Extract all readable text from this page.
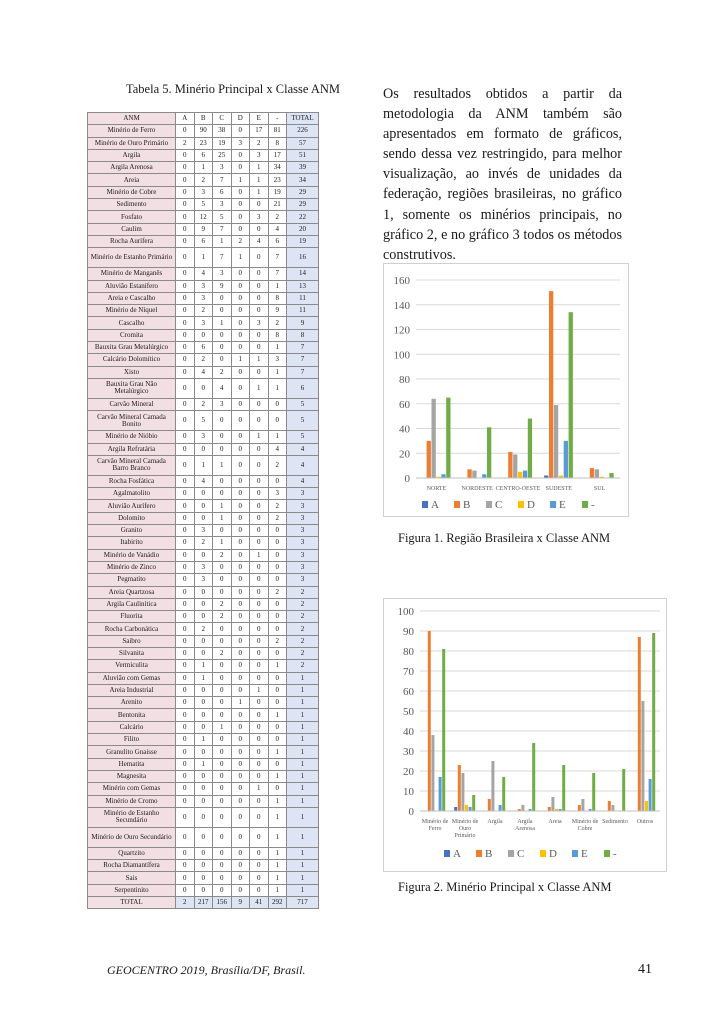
Tabela 5. Minério Principal x Classe ANM
ANM	A	B	C	D	E	-	TOTAL
Minério de Ferro	0	90	38	0	17	81	226
Minério de Ouro Primário	2	23	19	3	2	8	57
Argila	0	6	25	0	3	17	51
Argila Arenosa	0	1	3	0	1	34	39
Areia	0	2	7	1	1	23	34
Minério de Cobre	0	3	6	0	1	19	29
Sedimento	0	5	3	0	0	21	29
Fosfato	0	12	5	0	3	2	22
Caulim	0	9	7	0	0	4	20
Rocha Aurífera	0	6	1	2	4	6	19
Minério de Estanho Primário	0	1	7	1	0	7	16
Minério de Manganês	0	4	3	0	0	7	14
Aluvião Estanífero	0	3	9	0	0	1	13
Areia e Cascalho	0	3	0	0	0	8	11
Minério de Níquel	0	2	0	0	0	9	11
Cascalho	0	3	1	0	3	2	9
Cromita	0	0	0	0	0	8	8
Bauxita Grau Metalúrgico	0	6	0	0	0	1	7
Calcário Dolomítico	0	2	0	1	1	3	7
Xisto	0	4	2	0	0	1	7
Bauxita Grau Não Metalúrgico	0	0	4	0	1	1	6
Carvão Mineral	0	2	3	0	0	0	5
Carvão Mineral Camada Bonito	0	5	0	0	0	0	5
Minério de Nióbio	0	3	0	0	1	1	5
Argila Refratária	0	0	0	0	0	4	4
Carvão Mineral Camada Barro Branco	0	1	1	0	0	2	4
Rocha Fosfática	0	4	0	0	0	0	4
Agalmatolito	0	0	0	0	0	3	3
Aluvião Aurífero	0	0	1	0	0	2	3
Dolomito	0	0	1	0	0	2	3
Granito	0	3	0	0	0	0	3
Itabirito	0	2	1	0	0	0	3
Minério de Vanádio	0	0	2	0	1	0	3
Minério de Zinco	0	3	0	0	0	0	3
Pegmatito	0	3	0	0	0	0	3
Areia Quartzosa	0	0	0	0	0	2	2
Argila Caulinítica	0	0	2	0	0	0	2
Fluorita	0	0	2	0	0	0	2
Rocha Carbonática	0	2	0	0	0	0	2
Saibro	0	0	0	0	0	2	2
Silvanita	0	0	2	0	0	0	2
Vermiculita	0	1	0	0	0	1	2
Aluvião com Gemas	0	1	0	0	0	0	1
Areia Industrial	0	0	0	0	1	0	1
Arenito	0	0	0	1	0	0	1
Bentonita	0	0	0	0	0	1	1
Calcário	0	0	1	0	0	0	1
Filito	0	1	0	0	0	0	1
Granulito Gnaisse	0	0	0	0	0	1	1
Hematita	0	1	0	0	0	0	1
Magnesita	0	0	0	0	0	1	1
Minério com Gemas	0	0	0	0	1	0	1
Minério de Cromo	0	0	0	0	0	1	1
Minério de Estanho Secundário	0	0	0	0	0	1	1
Minério de Ouro Secundário	0	0	0	0	0	1	1
Quartzito	0	0	0	0	0	1	1
Rocha Diamantífera	0	0	0	0	0	1	1
Sais	0	0	0	0	0	1	1
Serpentinito	0	0	0	0	0	1	1
TOTAL	2	217	156	9	41	292	717

Os resultados obtidos a partir da metodologia da ANM também são apresentados em formato de gráficos, sendo dessa vez restringido, para melhor visualização, ao invés de unidades da federação, regiões brasileiras, no gráfico 1, somente os minérios principais, no gráfico 2, e no gráfico 3 todos os métodos construtivos.

0
20
40
60
80
100
120
140
160
NORTE	NORDESTE CENTRO-OESTE SUDESTE	SUL
A B C D E -
Figura 1. Região Brasileira x Classe ANM
0
10
20
30
40
50
60
70
80
90
100
Minério de Ferro
Minério de Ouro Primário
Argila	Argila Arenosa
Areia Minério de Cobre
Sedimento Outros
A B C D E -
Figura 2. Minério Principal x Classe ANM
GEOCENTRO 2019, Brasília/DF, Brasil.	41
